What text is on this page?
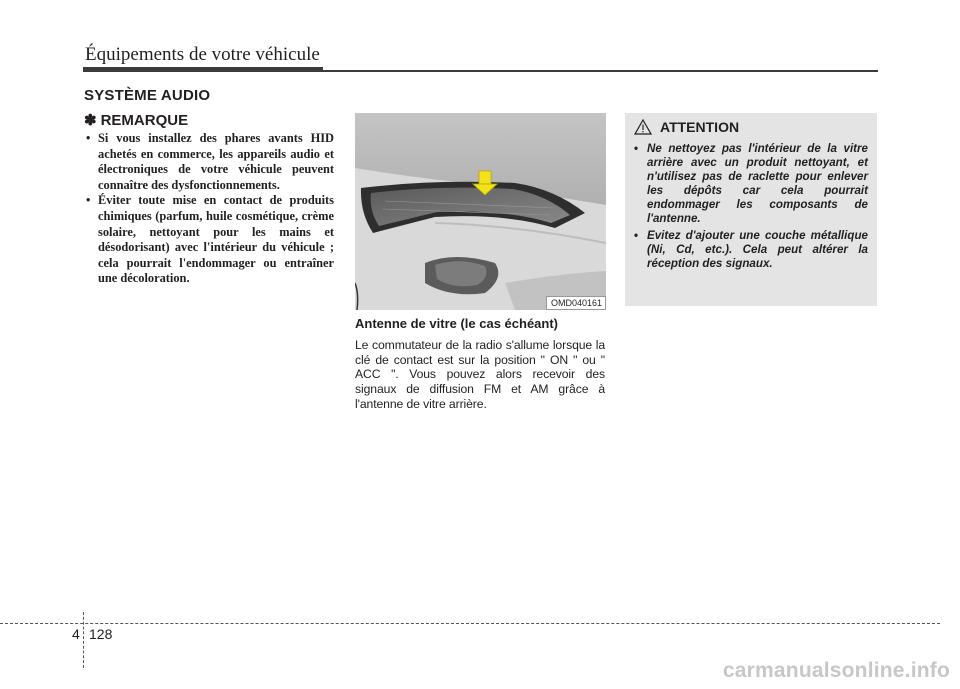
Équipements de votre véhicule
SYSTÈME AUDIO
✽ REMARQUE
• Si vous installez des phares avants HID achetés en commerce, les appareils audio et électroniques de votre véhicule peuvent connaître des dysfonctionnements.
• Éviter toute mise en contact de produits chimiques (parfum, huile cosmétique, crème solaire, nettoyant pour les mains et désodorisant) avec l'intérieur du véhicule ; cela pourrait l'endommager ou entraîner une décoloration.
OMD040161
Antenne de vitre (le cas échéant)

Le commutateur de la radio s'allume lorsque la clé de contact est sur la position " ON " ou " ACC ". Vous pouvez alors recevoir des signaux de diffusion FM et AM grâce à l'antenne de vitre arrière.

ATTENTION
• Ne nettoyez pas l'intérieur de la vitre arrière avec un produit nettoyant, et n'utilisez pas de raclette pour enlever les dépôts car cela pourrait endommager les composants de l'antenne.
• Evitez d'ajouter une couche métallique (Ni, Cd, etc.). Cela peut altérer la réception des signaux.
4 128
carmanualsonline.info
